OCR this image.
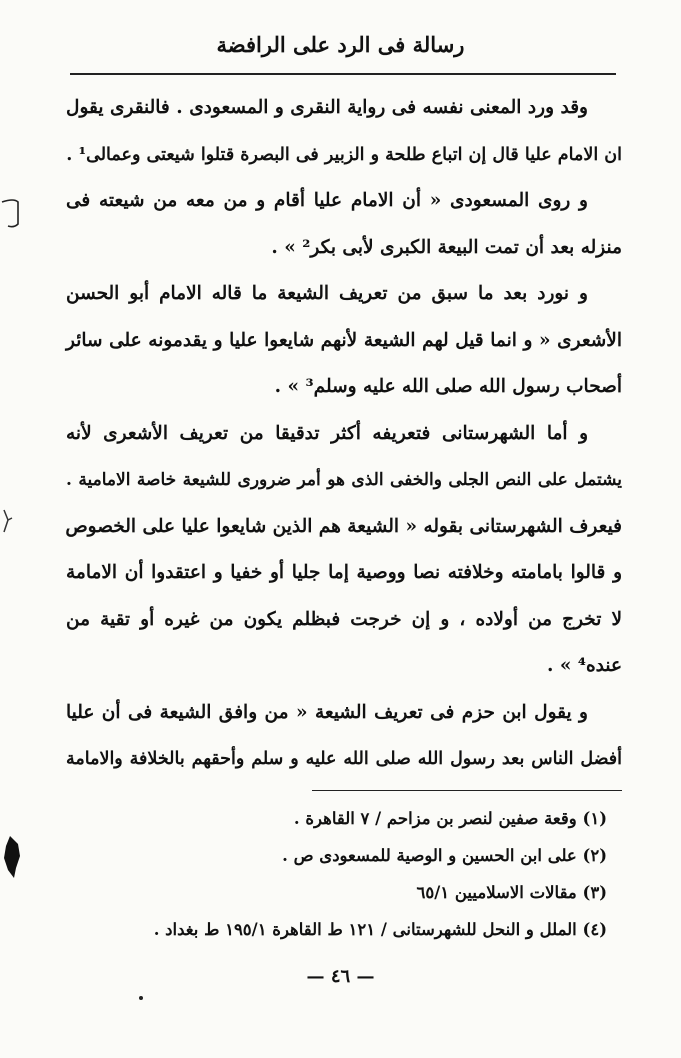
رسالة فى الرد على الرافضة
وقد ورد المعنى نفسه فى رواية النقرى و المسعودى . فالنقرى يقول
ان الامام عليا قال إن اتباع طلحة و الزبير فى البصرة قتلوا شيعتى وعمالى¹ .
و روى المسعودى « أن الامام عليا أقام و من معه من شيعته فى
منزله بعد أن تمت البيعة الكبرى لأبى بكر² » .
و نورد بعد ما سبق من تعريف الشيعة ما قاله الامام أبو الحسن
الأشعرى « و انما قيل لهم الشيعة لأنهم شايعوا عليا و يقدمونه على سائر
أصحاب رسول الله صلى الله عليه وسلم³ » .
و أما الشهرستانى فتعريفه أكثر تدقيقا من تعريف الأشعرى لأنه
يشتمل على النص الجلى والخفى الذى هو أمر ضرورى للشيعة خاصة الامامية .
فيعرف الشهرستانى بقوله « الشيعة هم الذين شايعوا عليا على الخصوص
و قالوا بامامته وخلافته نصا ووصية إما جليا أو خفيا و اعتقدوا أن الامامة
لا تخرج من أولاده ، و إن خرجت فبظلم يكون من غيره أو تقية من
عنده⁴ » .
و يقول ابن حزم فى تعريف الشيعة « من وافق الشيعة فى أن عليا
أفضل الناس بعد رسول الله صلى الله عليه و سلم وأحقهم بالخلافة والامامة
(١) وقعة صفين لنصر بن مزاحم / ٧ القاهرة .
(٢) على ابن الحسين و الوصية للمسعودى ص .
(٣) مقالات الاسلاميين ٦٥/١
(٤) الملل و النحل للشهرستانى / ١٢١ ط القاهرة ١٩٥/١ ط بغداد .
— ٤٦ —
